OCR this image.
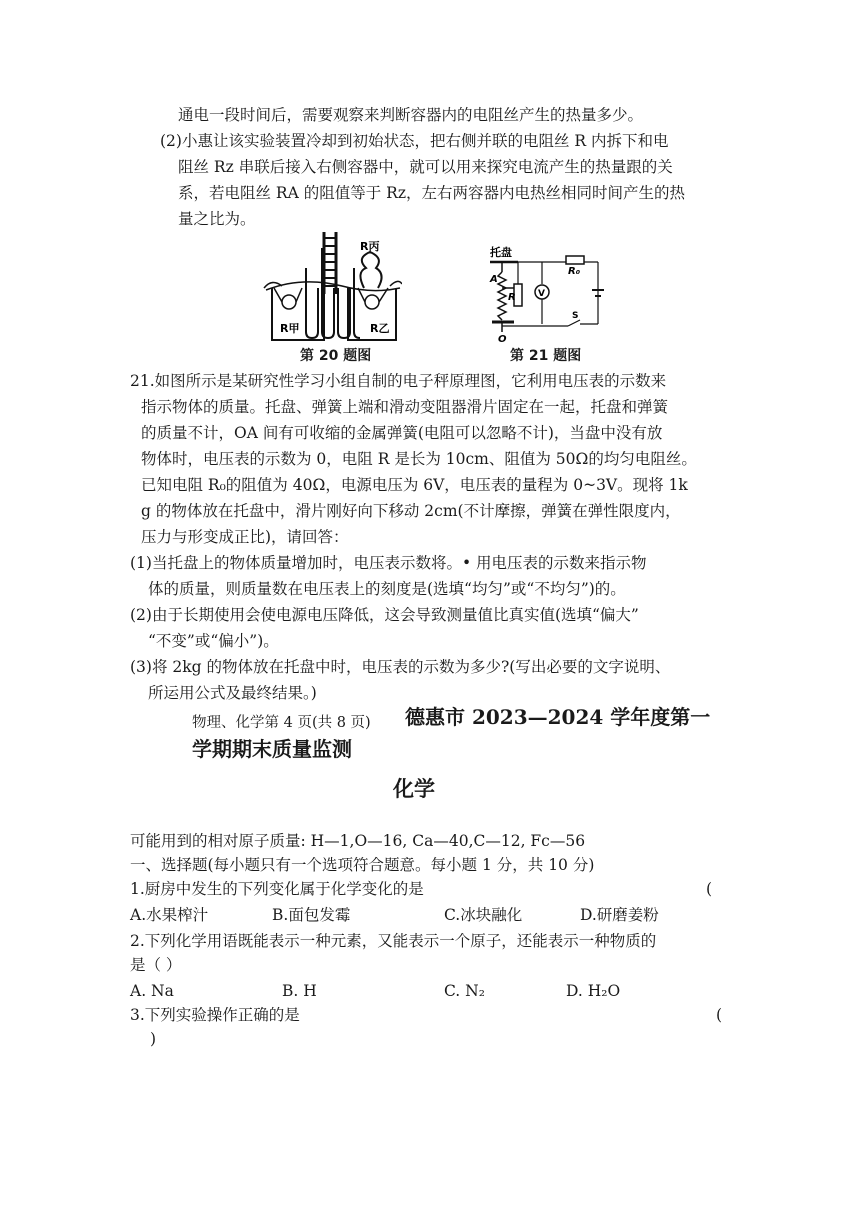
通电一段时间后，需要观察来判断容器内的电阻丝产生的热量多少。
(2)小惠让该实验装置冷却到初始状态，把右侧并联的电阻丝 R 内拆下和电
阻丝 Rz 串联后接入右侧容器中，就可以用来探究电流产生的热量跟的关
系，若电阻丝 RA 的阻值等于 Rz，左右两容器内电热丝相同时间产生的热
量之比为。
R丙
R甲	R乙
第 20 题图
托盘
A
O
R
R₀
V
S
第 21 题图
21.如图所示是某研究性学习小组自制的电子秤原理图，它利用电压表的示数来
指示物体的质量。托盘、弹簧上端和滑动变阻器滑片固定在一起，托盘和弹簧
的质量不计，OA 间有可收缩的金属弹簧(电阻可以忽略不计)，当盘中没有放
物体时，电压表的示数为 0，电阻 R 是长为 10cm、阻值为 50Ω的均匀电阻丝。
已知电阻 R₀的阻值为 40Ω，电源电压为 6V，电压表的量程为 0~3V。现将 1k
g 的物体放在托盘中，滑片刚好向下移动 2cm(不计摩擦，弹簧在弹性限度内，
压力与形变成正比)，请回答：
(1)当托盘上的物体质量增加时，电压表示数将。• 用电压表的示数来指示物
体的质量，则质量数在电压表上的刻度是(选填“均匀”或“不均匀”)的。
(2)由于长期使用会使电源电压降低，这会导致测量值比真实值(选填“偏大”
“不变”或“偏小”)。
(3)将 2kg 的物体放在托盘中时，电压表的示数为多少?(写出必要的文字说明、
所运用公式及最终结果。)
物理、化学第 4 页(共 8 页) 德惠市 2023—2024 学年度第一
学期期末质量监测
化学
可能用到的相对原子质量: H—1,O—16, Ca—40,C—12, Fc—56
一、选择题(每小题只有一个选项符合题意。每小题 1 分，共 10 分)
1.厨房中发生的下列变化属于化学变化的是	(
A.水果榨汁	B.面包发霉	C.冰块融化	D.研磨姜粉
2.下列化学用语既能表示一种元素，又能表示一个原子，还能表示一种物质的
是（ ）
A. Na	B. H	C. N₂	D. H₂O
3.下列实验操作正确的是	(
)
